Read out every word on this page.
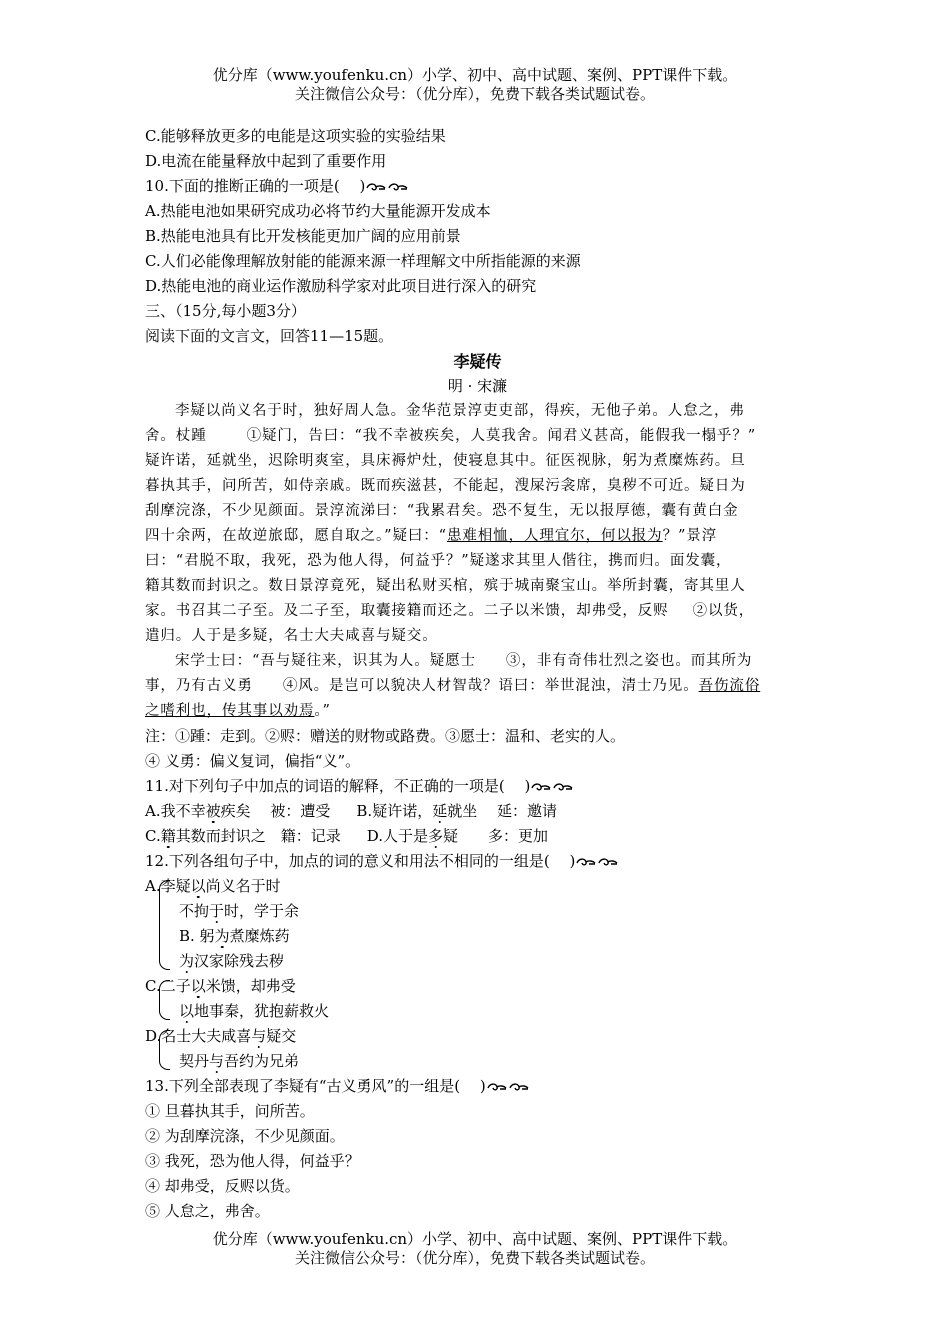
优分库（www.youfenku.cn）小学、初中、高中试题、案例、PPT课件下载。
关注微信公众号：（优分库），免费下载各类试题试卷。
C.能够释放更多的电能是这项实验的实验结果
D.电流在能量释放中起到了重要作用
10.下面的推断正确的一项是(　 )
A.热能电池如果研究成功必将节约大量能源开发成本
B.热能电池具有比开发核能更加广阔的应用前景
C.人们必能像理解放射能的能源来源一样理解文中所指能源的来源
D.热能电池的商业运作激励科学家对此项目进行深入的研究
三、（15分,每小题3分）
阅读下面的文言文，回答11—15题。
李疑传
明 · 宋濂
李疑以尚义名于时，独好周人急。金华范景淳吏吏部，得疾，无他子弟。人怠之，弗
舍。杖踵	①疑门，告曰：“我不幸被疾矣，人莫我舍。闻君义甚高，能假我一榻乎？”
疑许诺，延就坐，迟除明爽室，具床褥炉灶，使寝息其中。征医视脉，躬为煮糜炼药。旦
暮执其手，问所苦，如侍亲戚。既而疾滋甚，不能起，溲屎污衾席，臭秽不可近。疑日为
刮摩浣涤，不少见颜面。景淳流涕曰：“我累君矣。恐不复生，无以报厚德，囊有黄白金
四十余两，在故逆旅邸，愿自取之。”疑曰：“患难相恤，人理宜尔，何以报为？”景淳
曰：“君脱不取，我死，恐为他人得，何益乎？”疑遂求其里人偕往，携而归。面发囊，
籍其数而封识之。数日景淳竟死，疑出私财买棺，殡于城南聚宝山。举所封囊，寄其里人
家。书召其二子至。及二子至，取囊接籍而还之。二子以米馈，却弗受，反赆 ②以货，
遣归。人于是多疑，名士大夫咸喜与疑交。
宋学士曰：“吾与疑往来，识其为人。疑愿士 ③，非有奇伟壮烈之姿也。而其所为
事，乃有古义勇 ④风。是岂可以貌决人材智哉？语曰：举世混浊，清士乃见。吾伤流俗
之嗜利也，传其事以劝焉。”
注：①踵：走到。②赆：赠送的财物或路费。③愿士：温和、老实的人。
④ 义勇：偏义复词，偏指“义”。
11.对下列句子中加点的词语的解释，不正确的一项是(　 )
A.我不幸被疾矣　 被：遭受 B.疑许诺，延就坐　 延：邀请
C.籍其数而封识之　籍：记录 D.人于是多疑　　多：更加
12.下列各组句子中，加点的词的意义和用法不相同的一组是(　 )
A.李疑以尚义名于时
不拘于时，学于余
B. 躬为煮糜炼药
为汉家除残去秽
C.二子以米馈，却弗受
以地事秦，犹抱薪救火
D.名士大夫咸喜与疑交
契丹与吾约为兄弟
13.下列全部表现了李疑有“古义勇风”的一组是(　 )
① 旦暮执其手，问所苦。
② 为刮摩浣涤，不少见颜面。
③ 我死，恐为他人得，何益乎？
④ 却弗受，反赆以货。
⑤ 人怠之，弗舍。
优分库（www.youfenku.cn）小学、初中、高中试题、案例、PPT课件下载。
关注微信公众号：（优分库），免费下载各类试题试卷。
